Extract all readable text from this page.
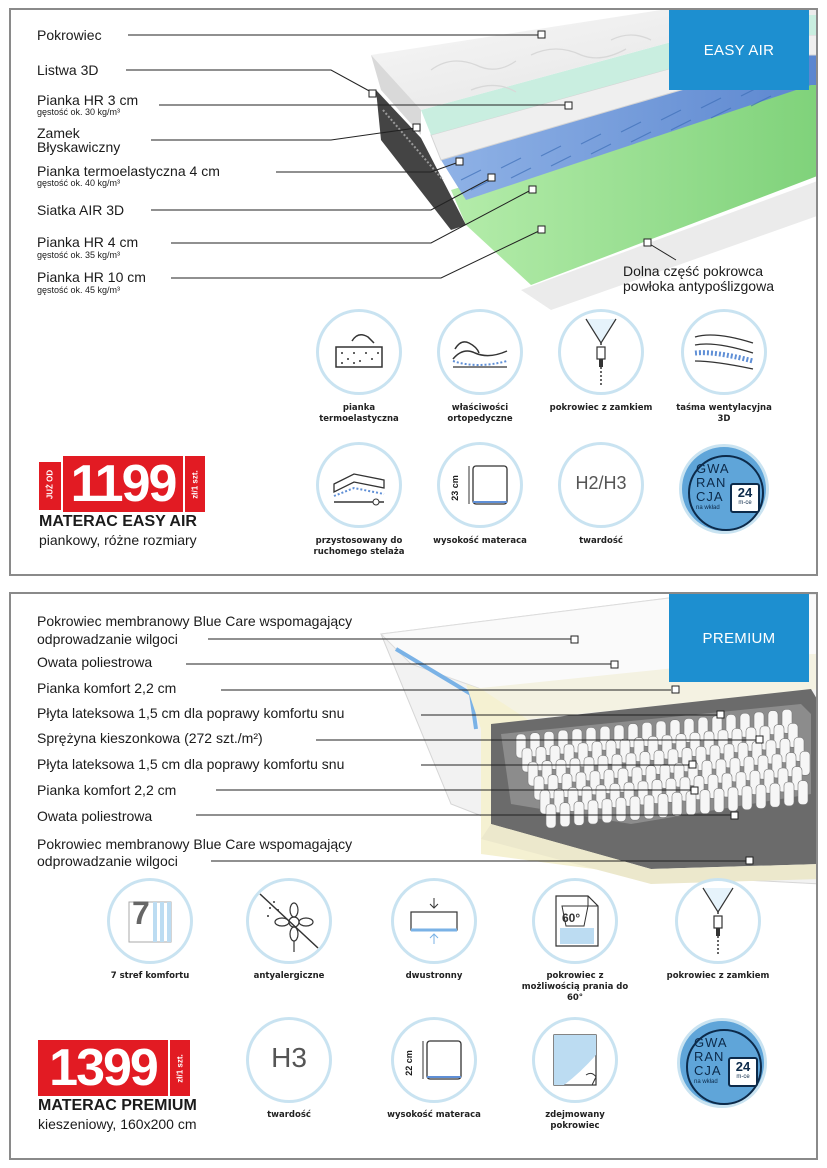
EASY AIR
Pokrowiec
Listwa 3D
Pianka HR 3 cm
gęstość ok. 30 kg/m³
Zamek
Błyskawiczny
Pianka termoelastyczna 4 cm
gęstość ok. 40 kg/m³
Siatka AIR 3D
Pianka HR 4 cm
gęstość ok. 35 kg/m³
Pianka HR 10 cm
gęstość ok. 45 kg/m³
Dolna część pokrowca
powłoka antypoślizgowa
pianka termoelastyczna
właściwości ortopedyczne
pokrowiec z zamkiem	taśma wentylacyjna 3D
przystosowany do ruchomego stelaża
23 cm
wysokość materaca
H2/H3
twardość
GWA
RAN
CJA
na wkład
24
m-ce
JUŻ OD 1199	zł/1 szt.
MATERAC EASY AIR
piankowy, różne rozmiary
PREMIUM
Pokrowiec membranowy Blue Care wspomagający
odprowadzanie wilgoci
Owata poliestrowa
Pianka komfort 2,2 cm
Płyta lateksowa 1,5 cm dla poprawy komfortu snu
Sprężyna kieszonkowa (272 szt./m²)
Płyta lateksowa 1,5 cm dla poprawy komfortu snu
Pianka komfort 2,2 cm
Owata poliestrowa
Pokrowiec membranowy Blue Care wspomagający
odprowadzanie wilgoci
7
7 stref komfortu	antyalergiczne	dwustronny
60°
pokrowiec z możliwością prania do 60°
pokrowiec z zamkiem
H3
twardość
22 cm
wysokość materaca	zdejmowany pokrowiec
GWA
RAN
CJA
na wkład
24
m-ce
1399	zł/1 szt.
MATERAC PREMIUM
kieszeniowy, 160x200 cm
